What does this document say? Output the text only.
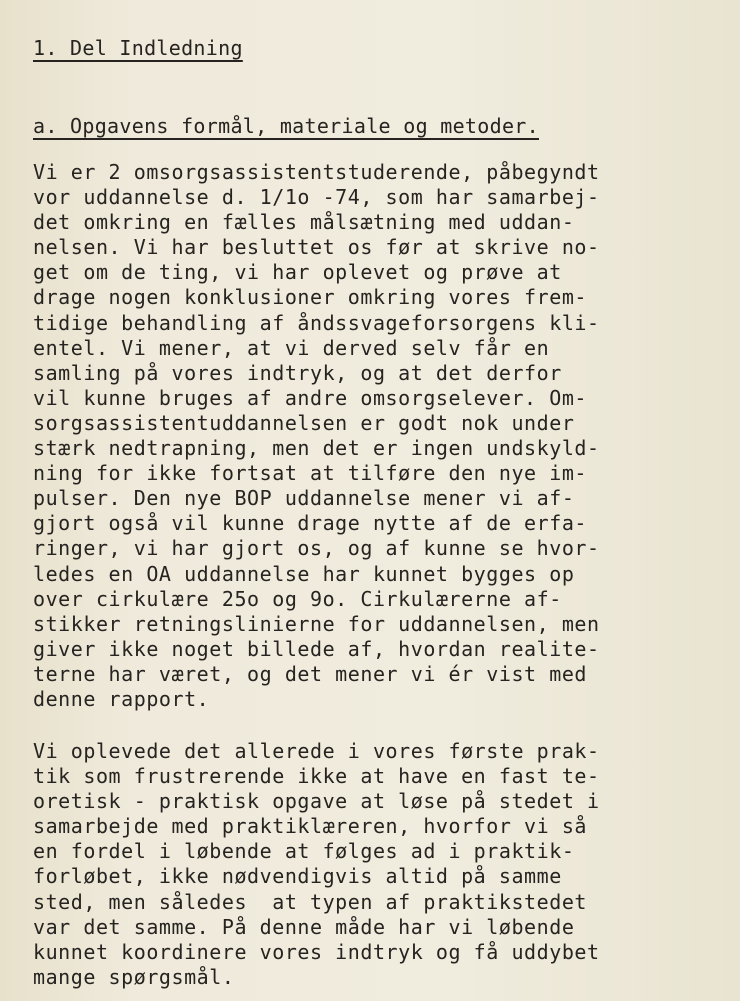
1. Del Indledning
a. Opgavens formål, materiale og metoder.
Vi er 2 omsorgsassistentstuderende, påbegyndt
vor uddannelse d. 1/1o -74, som har samarbej-
det omkring en fælles målsætning med uddan-
nelsen. Vi har besluttet os før at skrive no-
get om de ting, vi har oplevet og prøve at
drage nogen konklusioner omkring vores frem-
tidige behandling af åndssvageforsorgens kli-
entel. Vi mener, at vi derved selv får en
samling på vores indtryk, og at det derfor
vil kunne bruges af andre omsorgselever. Om-
sorgsassistentuddannelsen er godt nok under
stærk nedtrapning, men det er ingen undskyld-
ning for ikke fortsat at tilføre den nye im-
pulser. Den nye BOP uddannelse mener vi af-
gjort også vil kunne drage nytte af de erfa-
ringer, vi har gjort os, og af kunne se hvor-
ledes en OA uddannelse har kunnet bygges op
over cirkulære 25o og 9o. Cirkulærerne af-
stikker retningslinierne for uddannelsen, men
giver ikke noget billede af, hvordan realite-
terne har været, og det mener vi ér vist med
denne rapport.
Vi oplevede det allerede i vores første prak-
tik som frustrerende ikke at have en fast te-
oretisk - praktisk opgave at løse på stedet i
samarbejde med praktiklæreren, hvorfor vi så
en fordel i løbende at følges ad i praktik-
forløbet, ikke nødvendigvis altid på samme
sted, men således  at typen af praktikstedet
var det samme. På denne måde har vi løbende
kunnet koordinere vores indtryk og få uddybet
mange spørgsmål.
